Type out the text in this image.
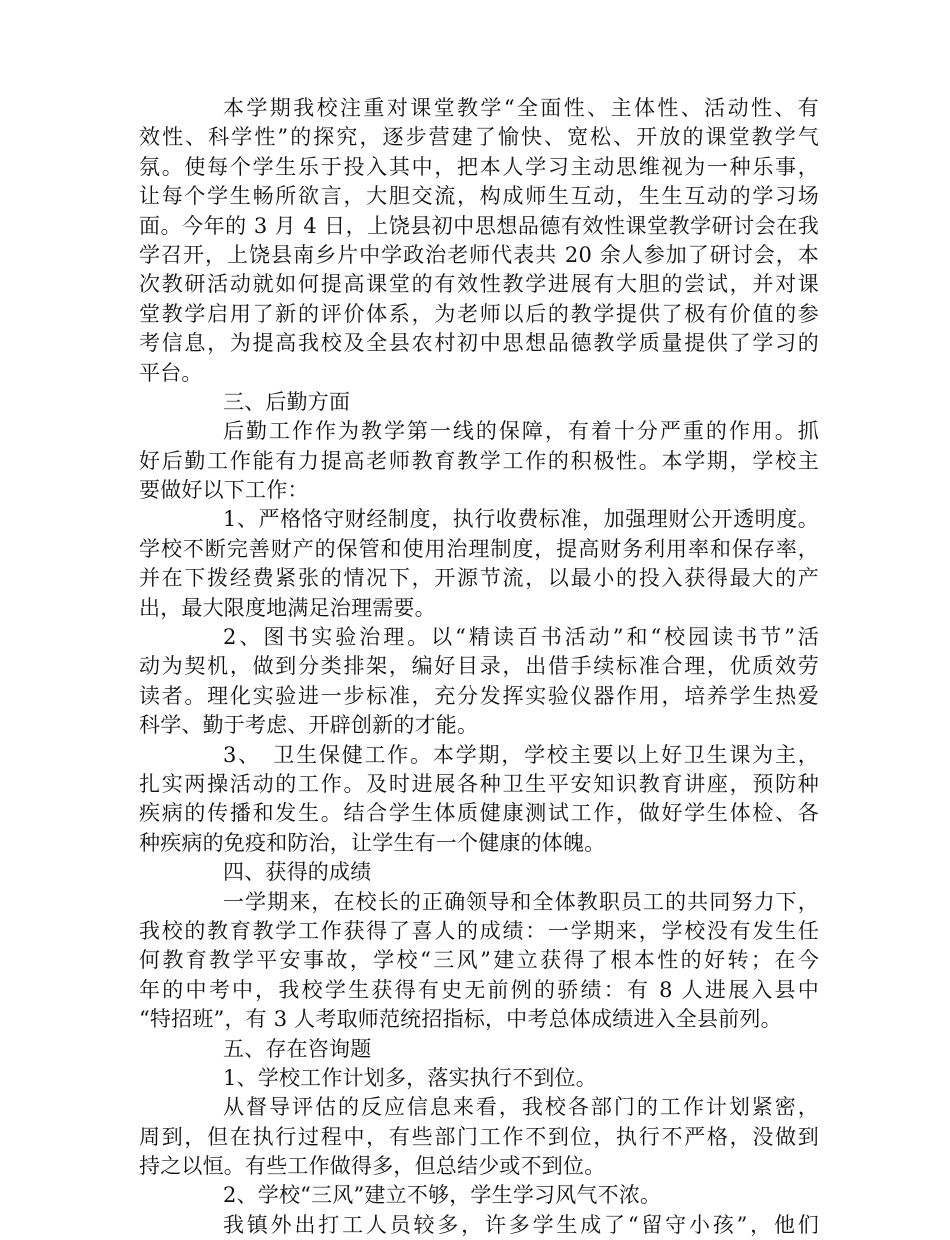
本学期我校注重对课堂教学“全面性、主体性、活动性、有
效性、科学性”的探究，逐步营建了愉快、宽松、开放的课堂教学气
氛。使每个学生乐于投入其中，把本人学习主动思维视为一种乐事，
让每个学生畅所欲言，大胆交流，构成师生互动，生生互动的学习场
面。今年的 3 月 4 日，上饶县初中思想品德有效性课堂教学研讨会在我
学召开，上饶县南乡片中学政治老师代表共 20 余人参加了研讨会，本
次教研活动就如何提高课堂的有效性教学进展有大胆的尝试，并对课
堂教学启用了新的评价体系，为老师以后的教学提供了极有价值的参
考信息，为提高我校及全县农村初中思想品德教学质量提供了学习的
平台。
三、后勤方面
后勤工作作为教学第一线的保障，有着十分严重的作用。抓
好后勤工作能有力提高老师教育教学工作的积极性。本学期，学校主
要做好以下工作：
1、严格恪守财经制度，执行收费标准，加强理财公开透明度。
学校不断完善财产的保管和使用治理制度，提高财务利用率和保存率，
并在下拨经费紧张的情况下，开源节流，以最小的投入获得最大的产
出，最大限度地满足治理需要。
2、图书实验治理。以“精读百书活动”和“校园读书节”活
动为契机，做到分类排架，编好目录，出借手续标准合理，优质效劳
读者。理化实验进一步标准，充分发挥实验仪器作用，培养学生热爱
科学、勤于考虑、开辟创新的才能。
3、　卫生保健工作。本学期，学校主要以上好卫生课为主，
扎实两操活动的工作。及时进展各种卫生平安知识教育讲座，预防种
疾病的传播和发生。结合学生体质健康测试工作，做好学生体检、各
种疾病的免疫和防治，让学生有一个健康的体魄。
四、获得的成绩
一学期来，在校长的正确领导和全体教职员工的共同努力下，
我校的教育教学工作获得了喜人的成绩：一学期来，学校没有发生任
何教育教学平安事故，学校“三风”建立获得了根本性的好转；在今
年的中考中，我校学生获得有史无前例的骄绩：有 8 人进展入县中
“特招班”，有 3 人考取师范统招指标，中考总体成绩进入全县前列。
五、存在咨询题
1、学校工作计划多，落实执行不到位。
从督导评估的反应信息来看，我校各部门的工作计划紧密，
周到，但在执行过程中，有些部门工作不到位，执行不严格，没做到
持之以恒。有些工作做得多，但总结少或不到位。
2、学校“三风”建立不够，学生学习风气不浓。
我镇外出打工人员较多，许多学生成了“留守小孩”，他们
